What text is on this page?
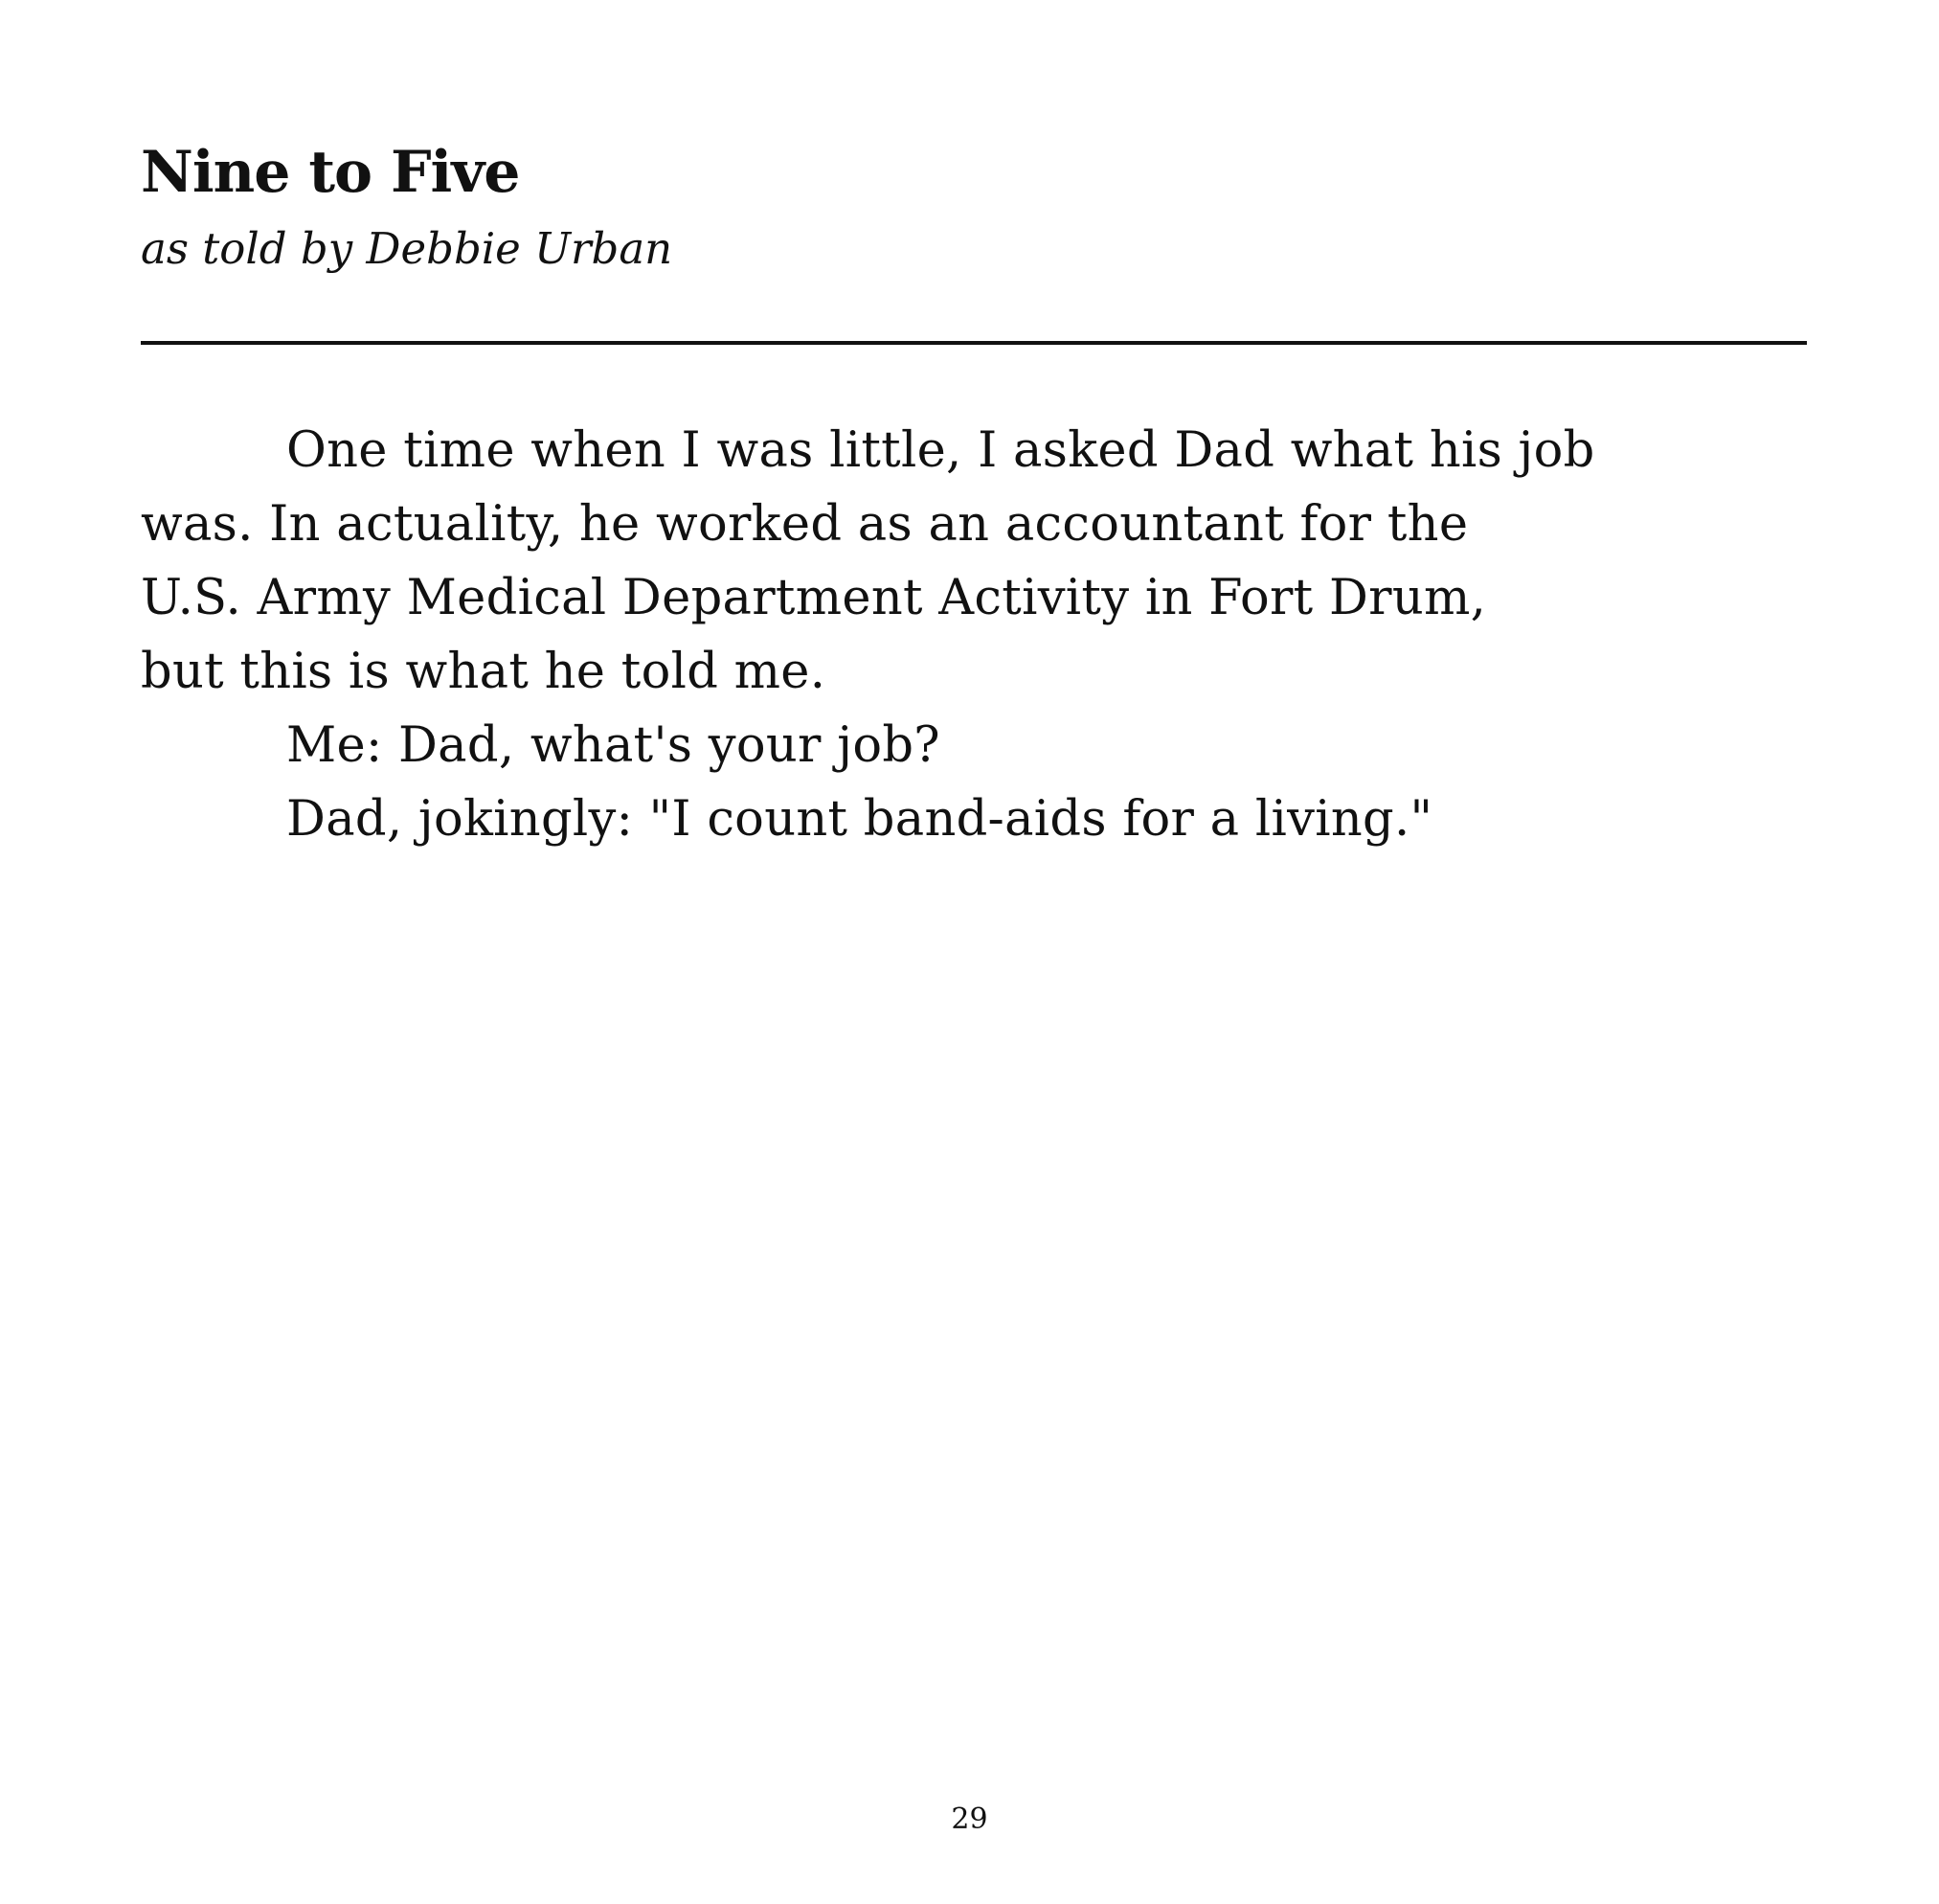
Nine to Five

as told by Debbie Urban

One time when I was little, I asked Dad what his job
was. In actuality, he worked as an accountant for the
U.S. Army Medical Department Activity in Fort Drum,
but this is what he told me.
Me: Dad, what's your job?
Dad, jokingly: "I count band-aids for a living."
29
